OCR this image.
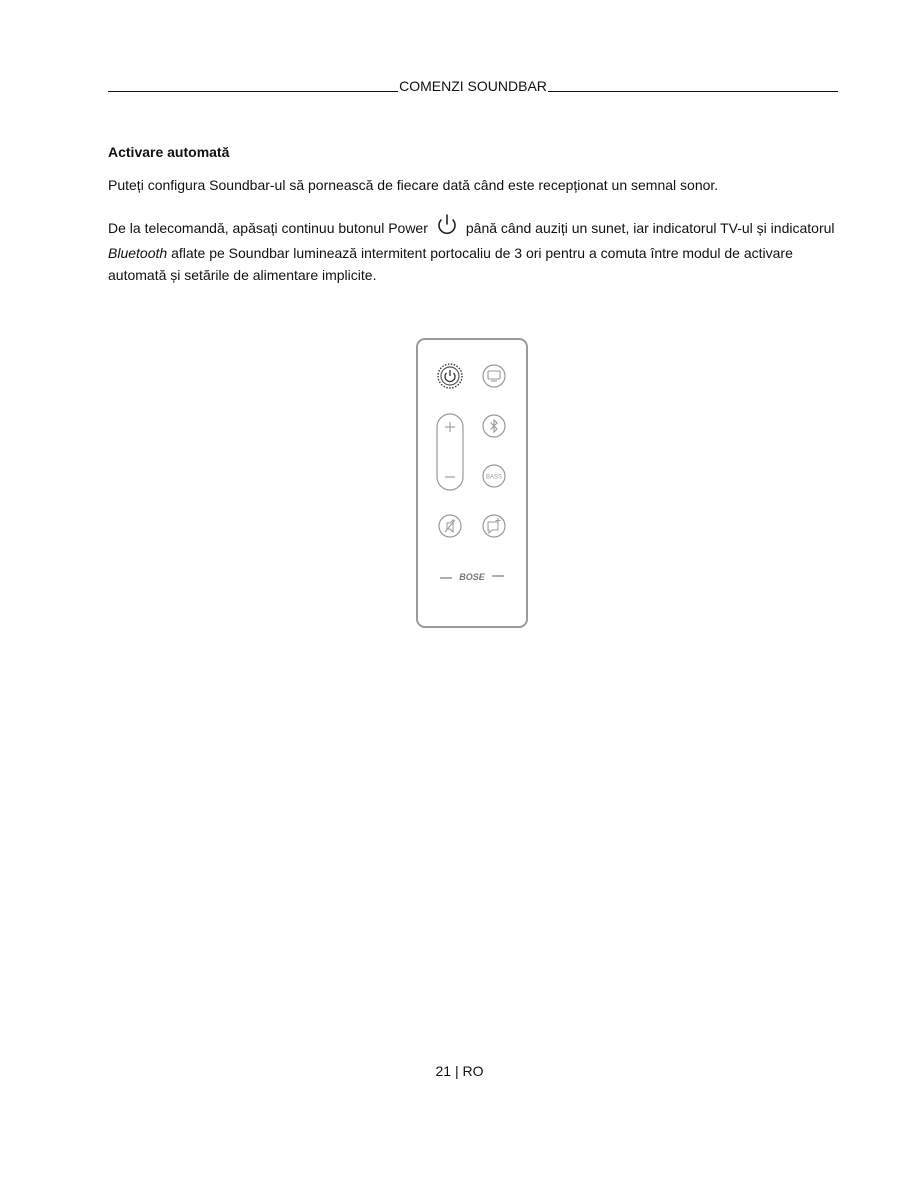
COMENZI SOUNDBAR
Activare automată
Puteți configura Soundbar-ul să pornească de fiecare dată când este recepționat un semnal sonor.
De la telecomandă, apăsați continuu butonul Power	până când auziți un sunet, iar indicatorul TV-ul și indicatorul Bluetooth aflate pe Soundbar luminează intermitent portocaliu de 3 ori pentru a comuta între modul de activare automată și setările de alimentare implicite.
BASS
BOSE
21 | RO
